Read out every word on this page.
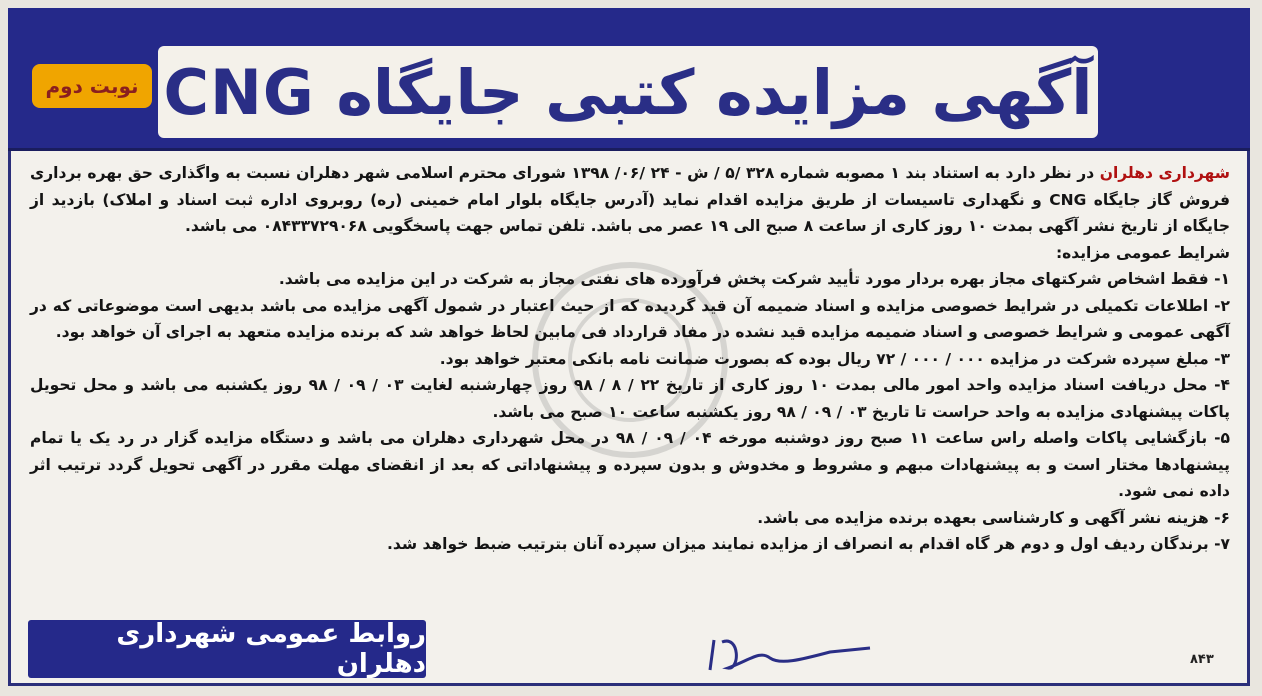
آگهی مزایده کتبی جایگاه CNG
نوبت دوم

شهرداری دهلران در نظر دارد به استناد بند ۱ مصوبه شماره ۳۲۸ /۵ / ش - ۲۴ /۰۶/ ۱۳۹۸ شورای محترم اسلامی شهر دهلران نسبت به واگذاری حق بهره برداری فروش گاز جایگاه CNG و نگهداری تاسیسات از طریق مزایده اقدام نماید (آدرس جایگاه بلوار امام خمینی (ره) روبروی اداره ثبت اسناد و املاک) بازدید از جایگاه از تاریخ نشر آگهی بمدت ۱۰ روز کاری از ساعت ۸ صبح الی ۱۹ عصر می باشد. تلفن تماس جهت پاسخگویی ۰۸۴۳۳۷۲۹۰۶۸ می باشد.

شرایط عمومی مزایده:

۱- فقط اشخاص شرکتهای مجاز بهره بردار مورد تأیید شرکت پخش فرآورده های نفتی مجاز به شرکت در این مزایده می باشد.

۲- اطلاعات تکمیلی در شرایط خصوصی مزایده و اسناد ضمیمه آن قید گردیده که از حیث اعتبار در شمول آگهی مزایده می باشد بدیهی است موضوعاتی که در آگهی عمومی و شرایط خصوصی و اسناد ضمیمه مزایده قید نشده در مفاد قرارداد فی مابین لحاظ خواهد شد که برنده مزایده متعهد به اجرای آن خواهد بود.

۳- مبلغ سپرده شرکت در مزایده ۰۰۰ / ۰۰۰ / ۷۲ ریال بوده که بصورت ضمانت نامه بانکی معتبر خواهد بود.

۴- محل دریافت اسناد مزایده واحد امور مالی بمدت ۱۰ روز کاری از تاریخ ۲۲ / ۸ / ۹۸ روز چهارشنبه لغایت ۰۳ / ۰۹ / ۹۸ روز یکشنبه می باشد و محل تحویل پاکات پیشنهادی مزایده به واحد حراست تا تاریخ ۰۳ / ۰۹ / ۹۸ روز یکشنبه ساعت ۱۰ صبح می باشد.

۵- بازگشایی پاکات واصله راس ساعت ۱۱ صبح روز دوشنبه مورخه ۰۴ / ۰۹ / ۹۸ در محل شهرداری دهلران می باشد و دستگاه مزایده گزار در رد یک یا تمام پیشنهادها مختار است و به پیشنهادات مبهم و مشروط و مخدوش و بدون سپرده و پیشنهاداتی که بعد از انقضای مهلت مقرر در آگهی تحویل گردد ترتیب اثر داده نمی شود.

۶- هزینه نشر آگهی و کارشناسی بعهده برنده مزایده می باشد.

۷- برندگان ردیف اول و دوم هر گاه اقدام به انصراف از مزایده نمایند میزان سپرده آنان بترتیب ضبط خواهد شد.

روابط عمومی شهرداری دهلران	۸۴۳
